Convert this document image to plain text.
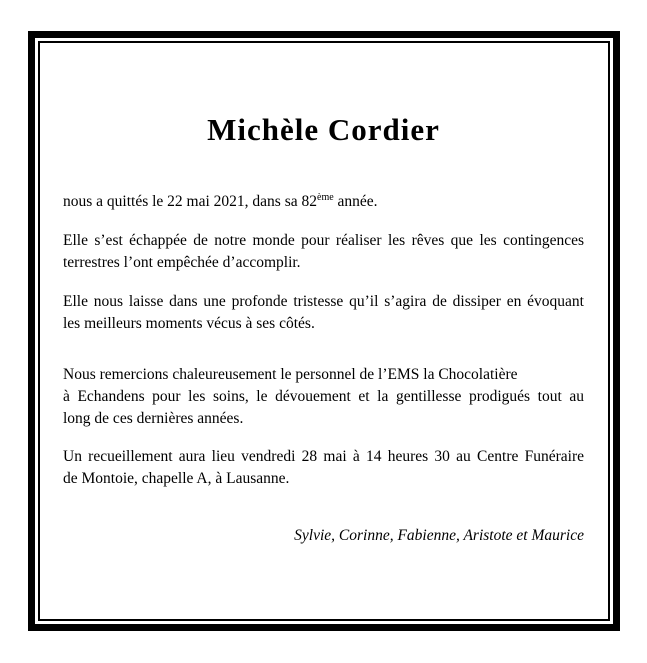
Michèle Cordier
nous a quittés le 22 mai 2021, dans sa 82ème année.
Elle s’est échappée de notre monde pour réaliser les rêves que les contingences
terrestres l’ont empêchée d’accomplir.
Elle nous laisse dans une profonde tristesse qu’il s’agira de dissiper en évoquant
les meilleurs moments vécus à ses côtés.
Nous remercions chaleureusement le personnel de l’EMS la Chocolatière
à Echandens pour les soins, le dévouement et la gentillesse prodigués tout au
long de ces dernières années.
Un recueillement aura lieu vendredi 28 mai à 14 heures 30 au Centre Funéraire
de Montoie, chapelle A, à Lausanne.
Sylvie, Corinne, Fabienne, Aristote et Maurice
